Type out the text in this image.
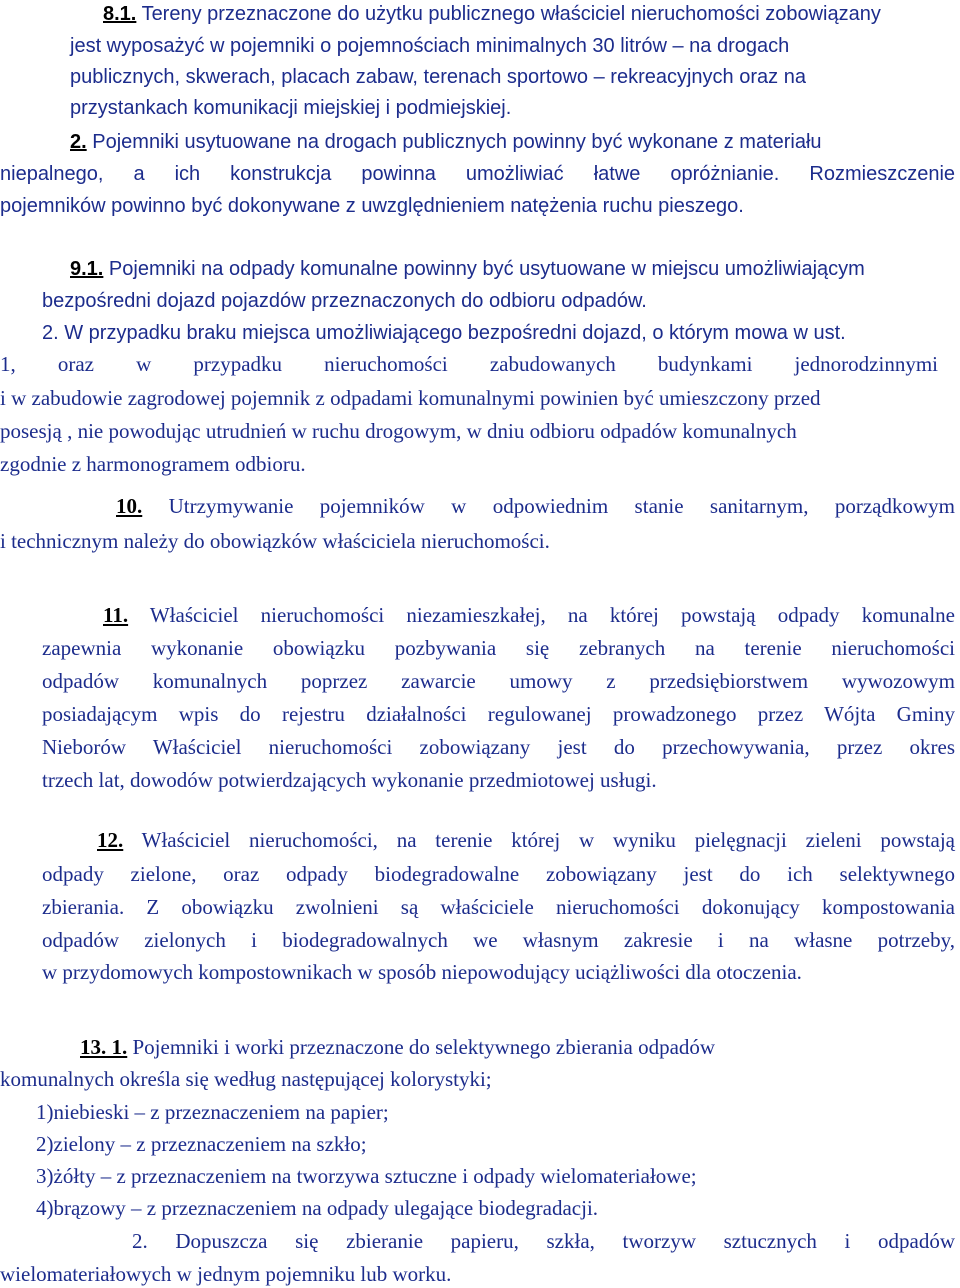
8.1. Tereny przeznaczone do użytku publicznego właściciel nieruchomości zobowiązany
jest wyposażyć w pojemniki o pojemnościach minimalnych 30 litrów – na drogach
publicznych, skwerach, placach zabaw, terenach sportowo – rekreacyjnych oraz na
przystankach komunikacji miejskiej i podmiejskiej.
2. Pojemniki usytuowane na drogach publicznych powinny być wykonane z materiału
niepalnego, a ich konstrukcja powinna umożliwiać łatwe opróżnianie. Rozmieszczenie
pojemników powinno być dokonywane z uwzględnieniem natężenia ruchu pieszego.
9.1. Pojemniki na odpady komunalne powinny być usytuowane w miejscu umożliwiającym
bezpośredni dojazd pojazdów przeznaczonych do odbioru odpadów.
2. W przypadku braku miejsca umożliwiającego bezpośredni dojazd, o którym mowa w ust.
1, oraz w przypadku nieruchomości zabudowanych budynkami jednorodzinnymi
i w zabudowie zagrodowej pojemnik z odpadami komunalnymi powinien być umieszczony przed
posesją , nie powodując utrudnień w ruchu drogowym, w dniu odbioru odpadów komunalnych
zgodnie z harmonogramem odbioru.
10. Utrzymywanie pojemników w odpowiednim stanie sanitarnym, porządkowym
i technicznym należy do obowiązków właściciela nieruchomości.
11. Właściciel nieruchomości niezamieszkałej, na której powstają odpady komunalne
zapewnia wykonanie obowiązku pozbywania się zebranych na terenie nieruchomości
odpadów komunalnych poprzez zawarcie umowy z przedsiębiorstwem wywozowym
posiadającym wpis do rejestru działalności regulowanej prowadzonego przez Wójta Gminy
Nieborów Właściciel nieruchomości zobowiązany jest do przechowywania, przez okres
trzech lat, dowodów potwierdzających wykonanie przedmiotowej usługi.
12. Właściciel nieruchomości, na terenie której w wyniku pielęgnacji zieleni powstają
odpady zielone, oraz odpady biodegradowalne zobowiązany jest do ich selektywnego
zbierania. Z obowiązku zwolnieni są właściciele nieruchomości dokonujący kompostowania
odpadów zielonych i biodegradowalnych we własnym zakresie i na własne potrzeby,
w przydomowych kompostownikach w sposób niepowodujący uciążliwości dla otoczenia.
13. 1. Pojemniki i worki przeznaczone do selektywnego zbierania odpadów
komunalnych określa się według następującej kolorystyki;
1)niebieski – z przeznaczeniem na papier;
2)zielony – z przeznaczeniem na szkło;
3)żółty – z przeznaczeniem na tworzywa sztuczne i odpady wielomateriałowe;
4)brązowy – z przeznaczeniem na odpady ulegające biodegradacji.
2. Dopuszcza się zbieranie papieru, szkła, tworzyw sztucznych i odpadów
wielomateriałowych w jednym pojemniku lub worku.
